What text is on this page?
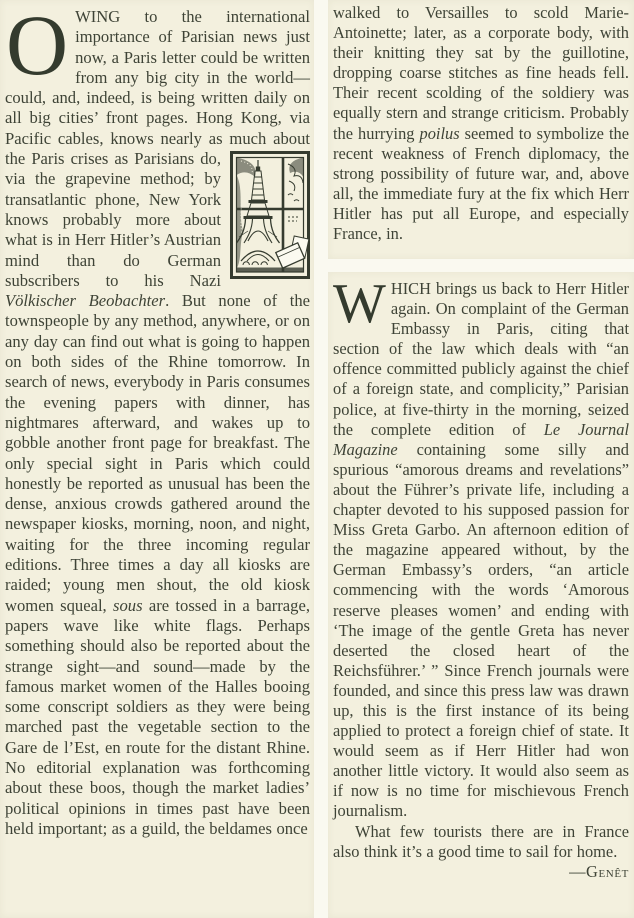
OWING to the international importance of Parisian news just now, a Paris letter could be written from any big city in the world—could, and, indeed, is being written daily on all big cities’ front pages. Hong Kong, via Pacific cables, knows nearly as much about the Paris crises as
Parisians do, via the grapevine method; by transatlantic phone, New York knows probably more about what is in Herr Hitler’s Austrian mind than do German subscribers to his Nazi Völkischer Beobachter. But none of the townspeople by any method, anywhere, or on any day can find out what is going to happen on both sides of the Rhine tomorrow. In search of news, everybody in Paris consumes the evening papers with dinner, has nightmares afterward, and wakes up to gobble another front page for breakfast. The only special sight in Paris which could honestly be reported as unusual has been the dense, anxious crowds gathered around the newspaper kiosks, morning, noon, and night, waiting for the three incoming regular editions. Three times a day all kiosks are raided; young men shout, the old kiosk women squeal, sous are tossed in a barrage, papers wave like white flags. Perhaps something should also be reported about the strange sight—and sound—made by the famous market women of the Halles booing some conscript soldiers as they were being marched past the vegetable section to the Gare de l’Est, en route for the distant Rhine. No editorial explanation was forthcoming about these boos, though the market ladies’ political opinions in times past have been held important; as a guild, the beldames once

walked to Versailles to scold Marie-Antoinette; later, as a corporate body, with their knitting they sat by the guillotine, dropping coarse stitches as fine heads fell. Their recent scolding of the soldiery was equally stern and strange criticism. Probably the hurrying poilus seemed to symbolize the recent weakness of French diplomacy, the strong possibility of future war, and, above all, the immediate fury at the fix which Herr Hitler has put all Europe, and especially France, in.

WHICH brings us back to Herr Hitler again. On complaint of the German Embassy in Paris, citing that section of the law which deals with “an offence committed publicly against the chief of a foreign state, and complicity,” Parisian police, at five-thirty in the morning, seized the complete edition of Le Journal Magazine containing some silly and spurious “amorous dreams and revelations” about the Führer’s private life, including a chapter devoted to his supposed passion for Miss Greta Garbo. An afternoon edition of the magazine appeared without, by the German Embassy’s orders, “an article commencing with the words ‘Amorous reserve pleases women’ and ending with ‘The image of the gentle Greta has never deserted the closed heart of the Reichsführer.’ ” Since French journals were founded, and since this press law was drawn up, this is the first instance of its being applied to protect a foreign chief of state. It would seem as if Herr Hitler had won another little victory. It would also seem as if now is no time for mischievous French journalism.

What few tourists there are in France also think it’s a good time to sail for home.
—Genêt
